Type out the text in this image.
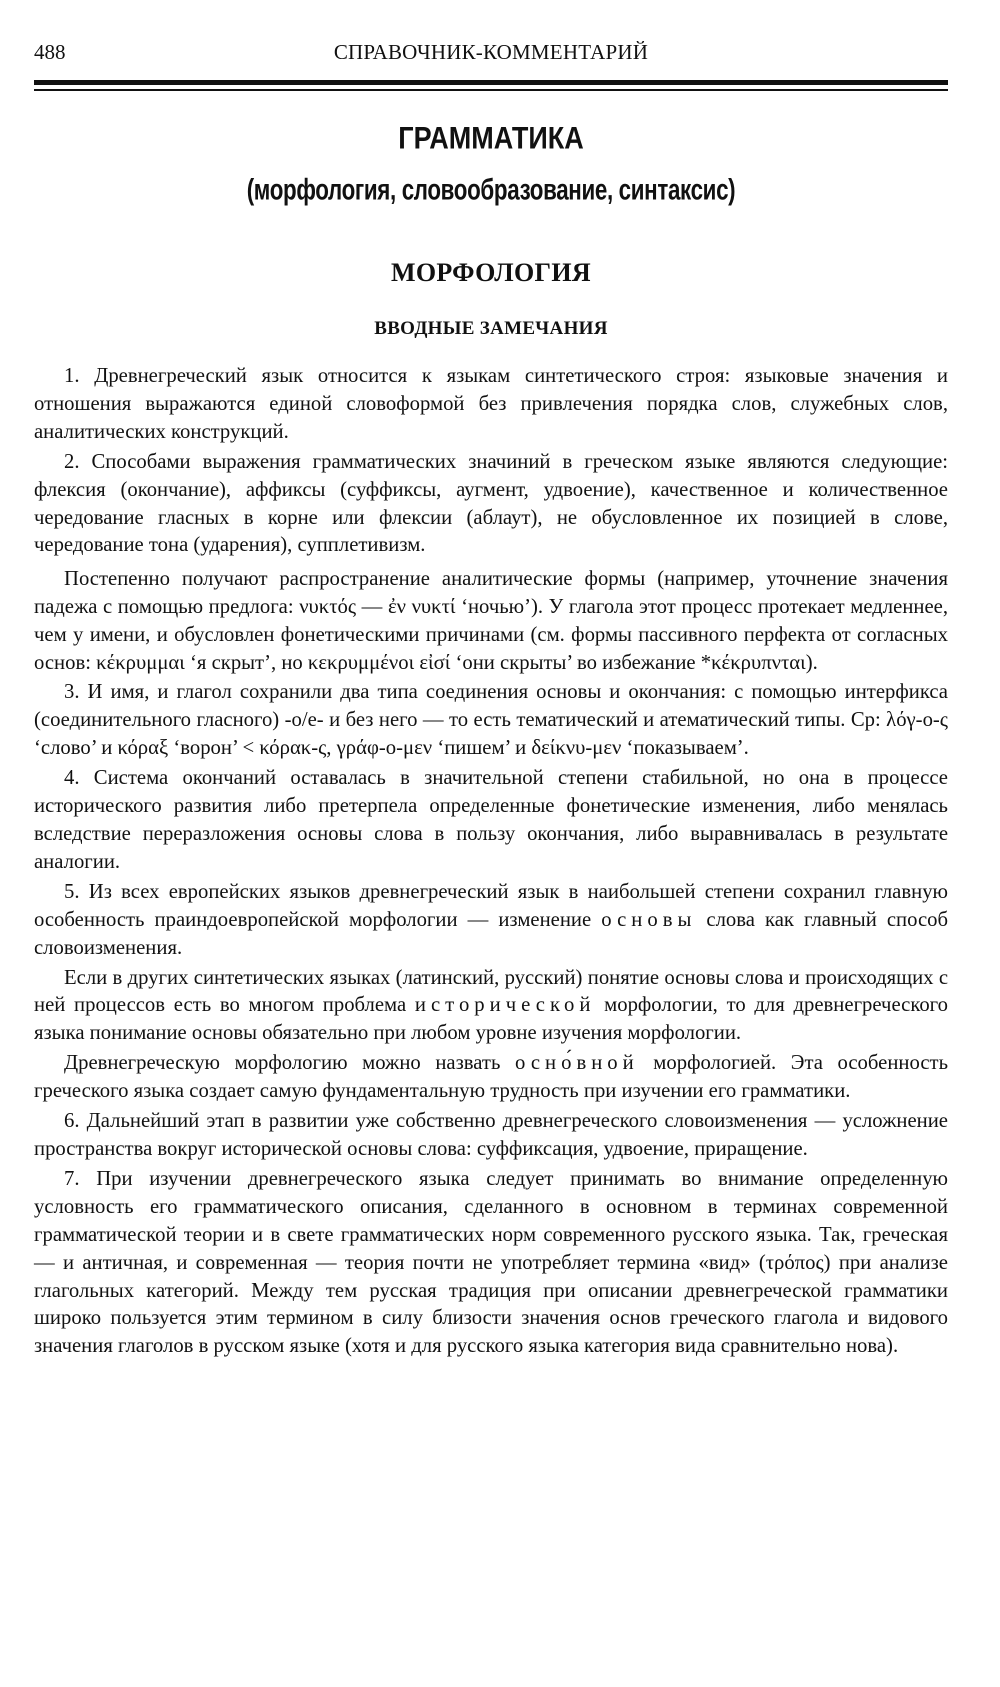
488	СПРАВОЧНИК-КОММЕНТАРИЙ
ГРАММАТИКА
(морфология, словообразование, синтаксис)
МОРФОЛОГИЯ
ВВОДНЫЕ ЗАМЕЧАНИЯ

1. Древнегреческий язык относится к языкам синтетического строя: языковые значения и отношения выражаются единой словоформой без привлечения порядка слов, служебных слов, аналитических конструкций.

2. Способами выражения грамматических значиний в греческом языке являются следующие: флексия (окончание), аффиксы (суффиксы, аугмент, удвоение), качественное и количественное чередование гласных в корне или флексии (аблаут), не обусловленное их позицией в слове, чередование тона (ударения), супплетивизм.

Постепенно получают распространение аналитические формы (например, уточнение значения падежа с помощью предлога: νυκτός — ἐν νυκτί ‘ночью’). У глагола этот процесс протекает медленнее, чем у имени, и обусловлен фонетическими причинами (см. формы пассивного перфекта от согласных основ: κέκρυμμαι ‘я скрыт’, но κεκρυμμένοι εἰσί ‘они скрыты’ во избежание *κέκρυπνται).

3. И имя, и глагол сохранили два типа соединения основы и окончания: с помощью интерфикса (соединительного гласного) -o/e- и без него — то есть тематический и атематический типы. Ср: λόγ-ο-ς ‘слово’ и κόραξ ‘ворон’ < κόρακ-ς, γράφ-ο-μεν ‘пишем’ и δείκνυ-μεν ‘показываем’.

4. Система окончаний оставалась в значительной степени стабильной, но она в процессе исторического развития либо претерпела определенные фонетические изменения, либо менялась вследствие переразложения основы слова в пользу окончания, либо выравнивалась в результате аналогии.

5. Из всех европейских языков древнегреческий язык в наибольшей степени сохранил главную особенность праиндоевропейской морфологии — изменение основы слова как главный способ словоизменения.

Если в других синтетических языках (латинский, русский) понятие основы слова и происходящих с ней процессов есть во многом проблема исторической морфологии, то для древнегреческого языка понимание основы обязательно при любом уровне изучения морфологии.

Древнегреческую морфологию можно назвать осно́вной морфологией. Эта особенность греческого языка создает самую фундаментальную трудность при изучении его грамматики.

6. Дальнейший этап в развитии уже собственно древнегреческого словоизменения — усложнение пространства вокруг исторической основы слова: суффиксация, удвоение, приращение.

7. При изучении древнегреческого языка следует принимать во внимание определенную условность его грамматического описания, сделанного в основном в терминах современной грамматической теории и в свете грамматических норм современного русского языка. Так, греческая — и античная, и современная — теория почти не употребляет термина «вид» (τρόπος) при анализе глагольных категорий. Между тем русская традиция при описании древнегреческой грамматики широко пользуется этим термином в силу близости значения основ греческого глагола и видового значения глаголов в русском языке (хотя и для русского языка категория вида сравнительно нова).
